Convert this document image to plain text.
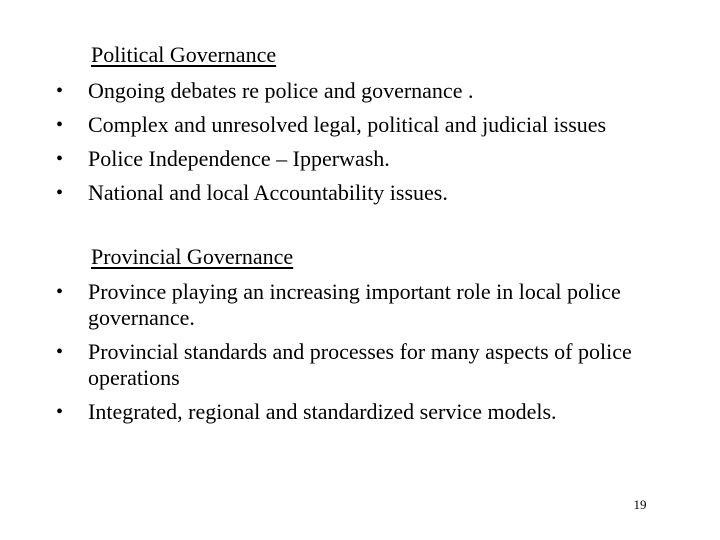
Political Governance
• Ongoing debates re police and governance .
• Complex and unresolved legal, political and judicial issues
• Police Independence – Ipperwash.
• National and local Accountability issues.
Provincial Governance
• Province playing an increasing important role in local police governance.
• Provincial standards and processes for many aspects of police operations
• Integrated, regional and standardized service models.
19
